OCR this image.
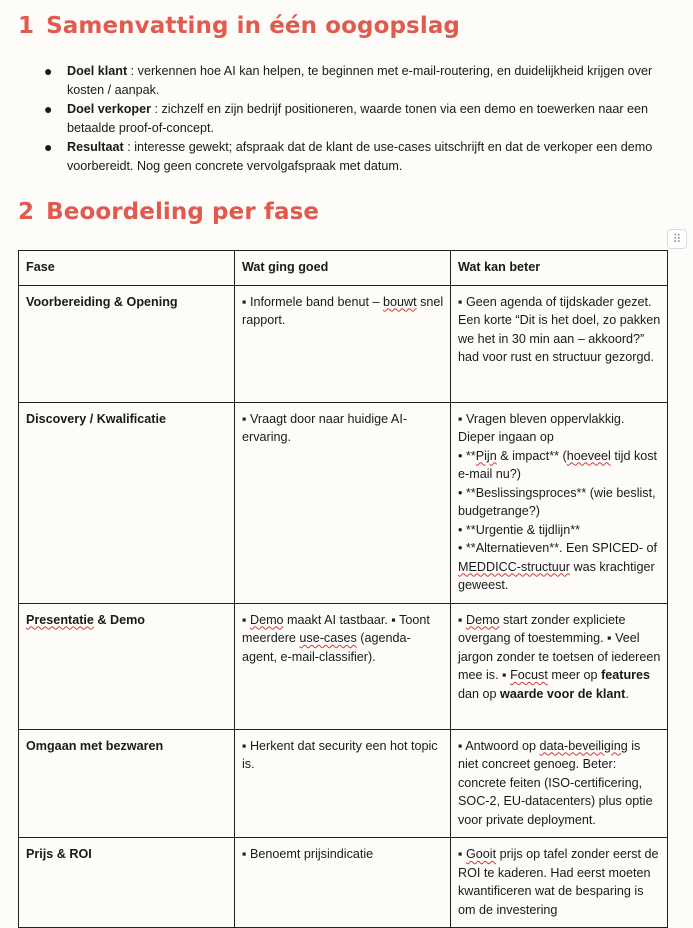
1 Samenvatting in één oogopslag
● Doel klant : verkennen hoe AI kan helpen, te beginnen met e-mail-routering, en duidelijkheid krijgen over kosten / aanpak.
● Doel verkoper : zichzelf en zijn bedrijf positioneren, waarde tonen via een demo en toewerken naar een betaalde proof-of-concept.
● Resultaat : interesse gewekt; afspraak dat de klant de use-cases uitschrijft en dat de verkoper een demo voorbereidt. Nog geen concrete vervolgafspraak met datum.
2 Beoordeling per fase
⠿
Fase	Wat ging goed	Wat kan beter
Voorbereiding & Opening	▪ Informele band benut – bouwt snel rapport.	▪ Geen agenda of tijdskader gezet. Een korte “Dit is het doel, zo pakken we het in 30 min aan – akkoord?” had voor rust en structuur gezorgd.
Discovery / Kwalificatie	▪ Vraagt door naar huidige AI-ervaring.	▪ Vragen bleven oppervlakkig. Dieper ingaan op

• **Pijn & impact** (hoeveel tijd kost e-mail nu?)

• **Beslissingsproces** (wie beslist, budgetrange?)

• **Urgentie & tijdlijn**

• **Alternatieven**. Een SPICED- of MEDDICC-structuur was krachtiger geweest.

Presentatie & Demo	▪ Demo maakt AI tastbaar. ▪ Toont meerdere use-cases (agenda-agent, e-mail-classifier).	▪ Demo start zonder expliciete overgang of toestemming. ▪ Veel jargon zonder te toetsen of iedereen mee is. ▪ Focust meer op features dan op waarde voor de klant.
Omgaan met bezwaren	▪ Herkent dat security een hot topic is.	▪ Antwoord op data-beveiliging is niet concreet genoeg. Beter: concrete feiten (ISO-certificering, SOC-2, EU-datacenters) plus optie voor private deployment.
Prijs & ROI	▪ Benoemt prijsindicatie	▪ Gooit prijs op tafel zonder eerst de ROI te kaderen. Had eerst moeten kwantificeren wat de besparing is om de investering
